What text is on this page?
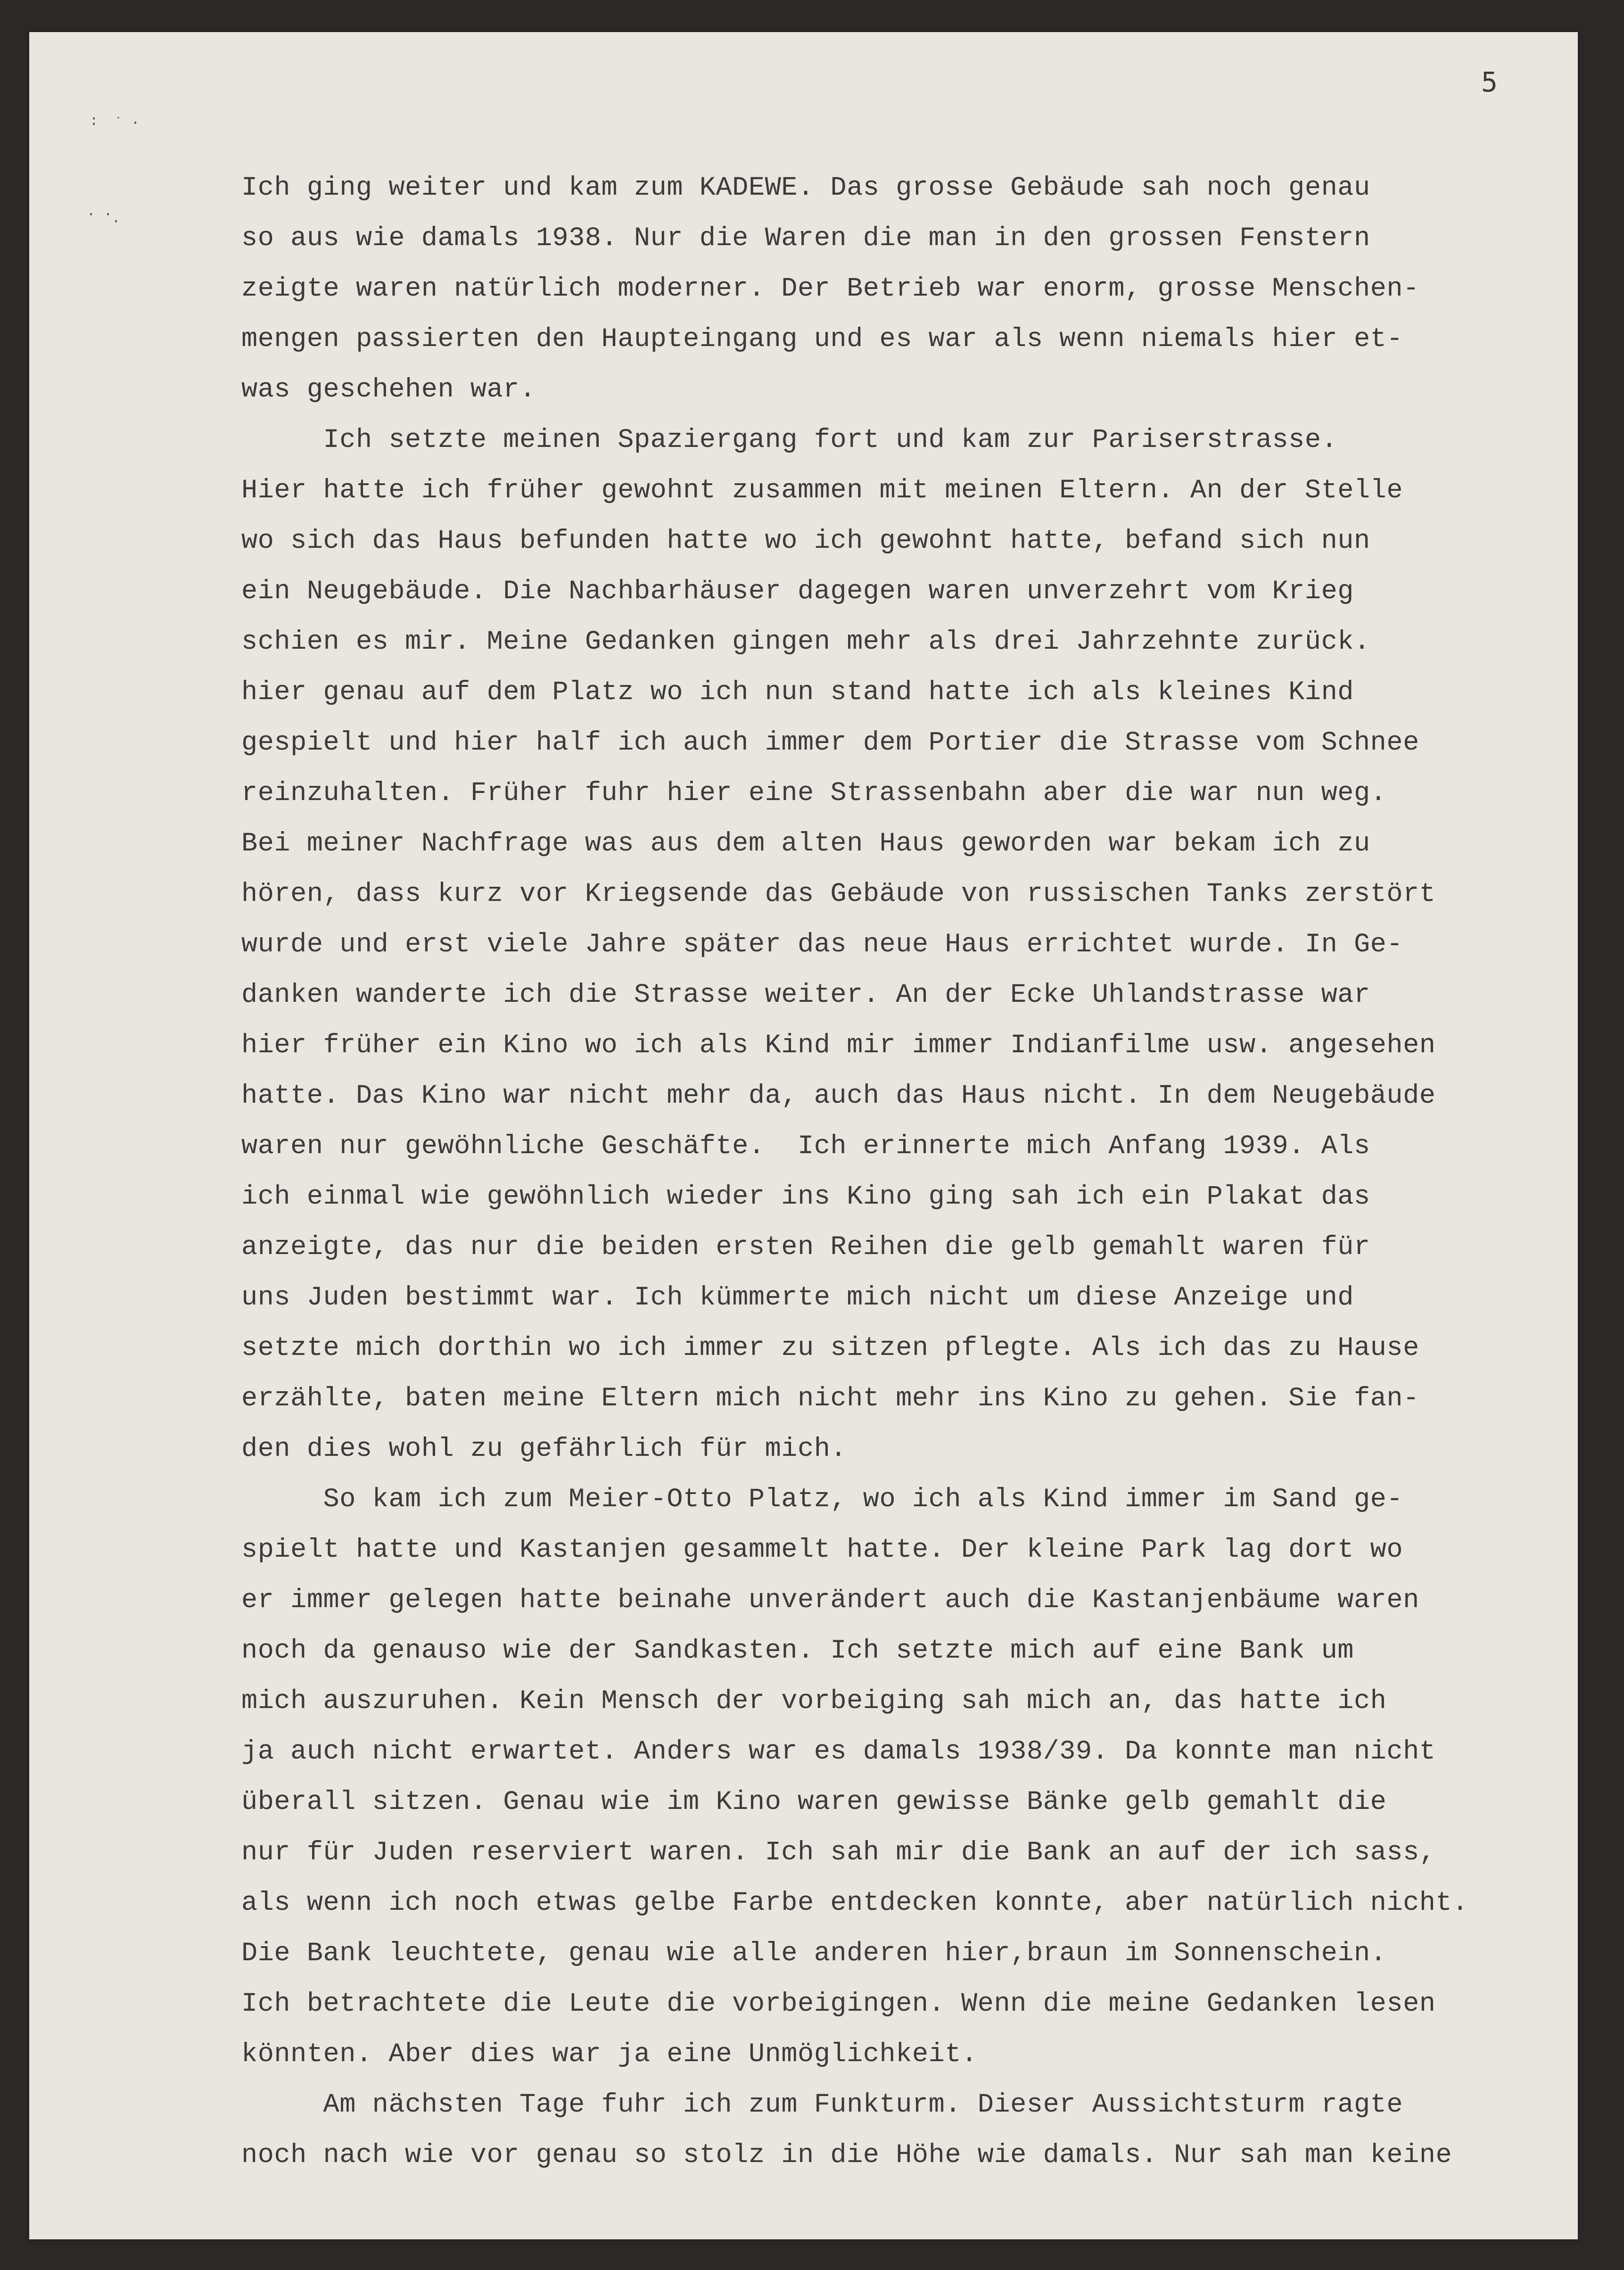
: ˙ ·
· ·
·
5
Ich ging weiter und kam zum KADEWE. Das grosse Gebäude sah noch genau
so aus wie damals 1938. Nur die Waren die man in den grossen Fenstern
zeigte waren natürlich moderner. Der Betrieb war enorm, grosse Menschen-
mengen passierten den Haupteingang und es war als wenn niemals hier et-
was geschehen war.
Ich setzte meinen Spaziergang fort und kam zur Pariserstrasse.
Hier hatte ich früher gewohnt zusammen mit meinen Eltern. An der Stelle
wo sich das Haus befunden hatte wo ich gewohnt hatte, befand sich nun
ein Neugebäude. Die Nachbarhäuser dagegen waren unverzehrt vom Krieg
schien es mir. Meine Gedanken gingen mehr als drei Jahrzehnte zurück.
hier genau auf dem Platz wo ich nun stand hatte ich als kleines Kind
gespielt und hier half ich auch immer dem Portier die Strasse vom Schnee
reinzuhalten. Früher fuhr hier eine Strassenbahn aber die war nun weg.
Bei meiner Nachfrage was aus dem alten Haus geworden war bekam ich zu
hören, dass kurz vor Kriegsende das Gebäude von russischen Tanks zerstört
wurde und erst viele Jahre später das neue Haus errichtet wurde. In Ge-
danken wanderte ich die Strasse weiter. An der Ecke Uhlandstrasse war
hier früher ein Kino wo ich als Kind mir immer Indianfilme usw. angesehen
hatte. Das Kino war nicht mehr da, auch das Haus nicht. In dem Neugebäude
waren nur gewöhnliche Geschäfte.  Ich erinnerte mich Anfang 1939. Als
ich einmal wie gewöhnlich wieder ins Kino ging sah ich ein Plakat das
anzeigte, das nur die beiden ersten Reihen die gelb gemahlt waren für
uns Juden bestimmt war. Ich kümmerte mich nicht um diese Anzeige und
setzte mich dorthin wo ich immer zu sitzen pflegte. Als ich das zu Hause
erzählte, baten meine Eltern mich nicht mehr ins Kino zu gehen. Sie fan-
den dies wohl zu gefährlich für mich.
So kam ich zum Meier-Otto Platz, wo ich als Kind immer im Sand ge-
spielt hatte und Kastanjen gesammelt hatte. Der kleine Park lag dort wo
er immer gelegen hatte beinahe unverändert auch die Kastanjenbäume waren
noch da genauso wie der Sandkasten. Ich setzte mich auf eine Bank um
mich auszuruhen. Kein Mensch der vorbeiging sah mich an, das hatte ich
ja auch nicht erwartet. Anders war es damals 1938/39. Da konnte man nicht
überall sitzen. Genau wie im Kino waren gewisse Bänke gelb gemahlt die
nur für Juden reserviert waren. Ich sah mir die Bank an auf der ich sass,
als wenn ich noch etwas gelbe Farbe entdecken konnte, aber natürlich nicht.
Die Bank leuchtete, genau wie alle anderen hier,braun im Sonnenschein.
Ich betrachtete die Leute die vorbeigingen. Wenn die meine Gedanken lesen
könnten. Aber dies war ja eine Unmöglichkeit.
Am nächsten Tage fuhr ich zum Funkturm. Dieser Aussichtsturm ragte
noch nach wie vor genau so stolz in die Höhe wie damals. Nur sah man keine
